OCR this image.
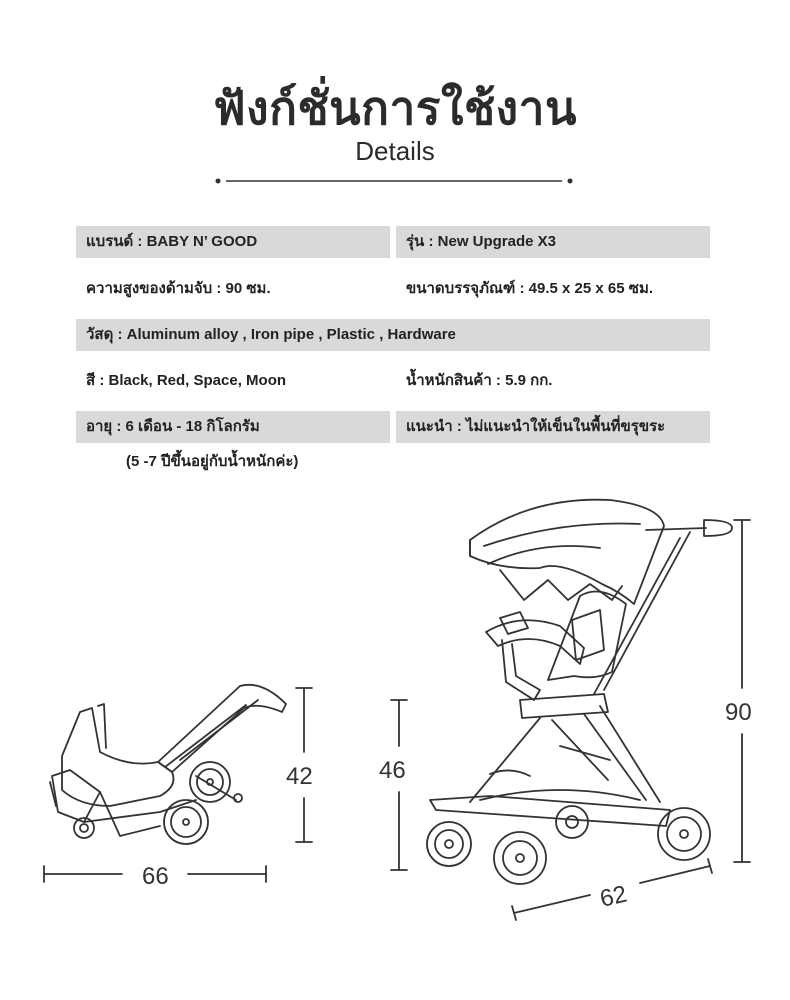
ฟังก์ชั่นการใช้งาน
Details
แบรนด์ : BABY N’ GOOD	รุ่น : New Upgrade X3
ความสูงของด้ามจับ : 90 ซม.	ขนาดบรรจุภัณฑ์ : 49.5 x 25 x 65 ซม.
วัสดุ : Aluminum alloy , Iron pipe , Plastic , Hardware
สี : Black, Red, Space, Moon	น้ำหนักสินค้า : 5.9 กก.
อายุ : 6 เดือน - 18 กิโลกรัม	แนะนำ : ไม่แนะนำให้เข็นในพื้นที่ขรุขระ
(5 -7 ปีขึ้นอยู่กับน้ำหนักค่ะ)
42
66
46
90
62
